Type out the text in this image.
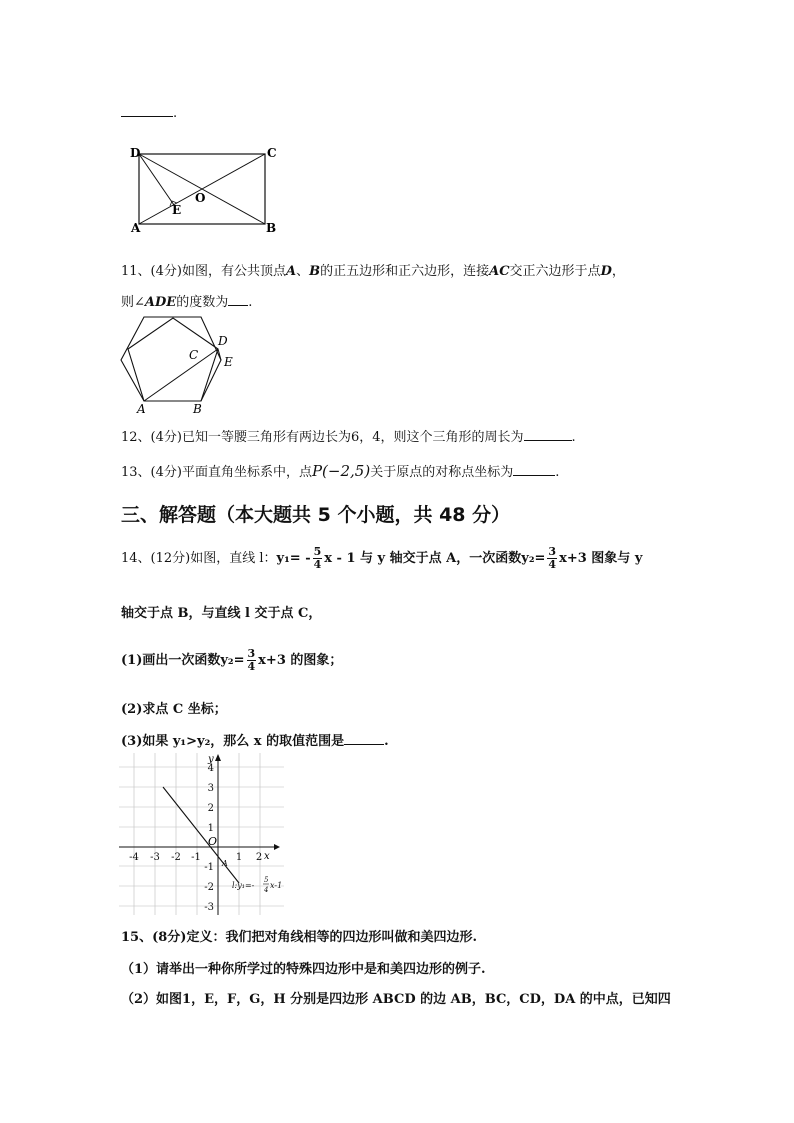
.
D	C
A	B
O
E
11、(4分)如图，有公共顶点A、B的正五边形和正六边形，连接AC交正六边形于点D，
则∠ADE的度数为 .
D
E
C
A	B
12、(4分)已知一等腰三角形有两边长为6，4，则这个三角形的周长为	.
13、(4分)平面直角坐标系中，点P(−2,5)关于原点的对称点坐标为	.
三、解答题（本大题共 5 个小题，共 48 分）
14、(12分)如图，直线 l：$y_1= - \frac{5}{4}$ x - 1 与 y 轴交于点 A，一次函数$y_2= \frac{3}{4} x+3$ 图象与 y
轴交于点 B，与直线 l 交于点 C，
(1)画出一次函数$y_2= \frac{3}{4} x+3$ 的图象；
(2)求点 C 坐标；
(3)如果 y₁>y₂，那么 x 的取值范围是	.
-4 -3 -2 -1	1 2
4
3
2
1
-1
-2
-3
O
x
y
A
l:y₁=-
5
4 x-1
15、(8分)定义：我们把对角线相等的四边形叫做和美四边形.
（1）请举出一种你所学过的特殊四边形中是和美四边形的例子.
（2）如图1，E，F，G，H 分别是四边形 ABCD 的边 AB，BC，CD，DA 的中点，已知四
